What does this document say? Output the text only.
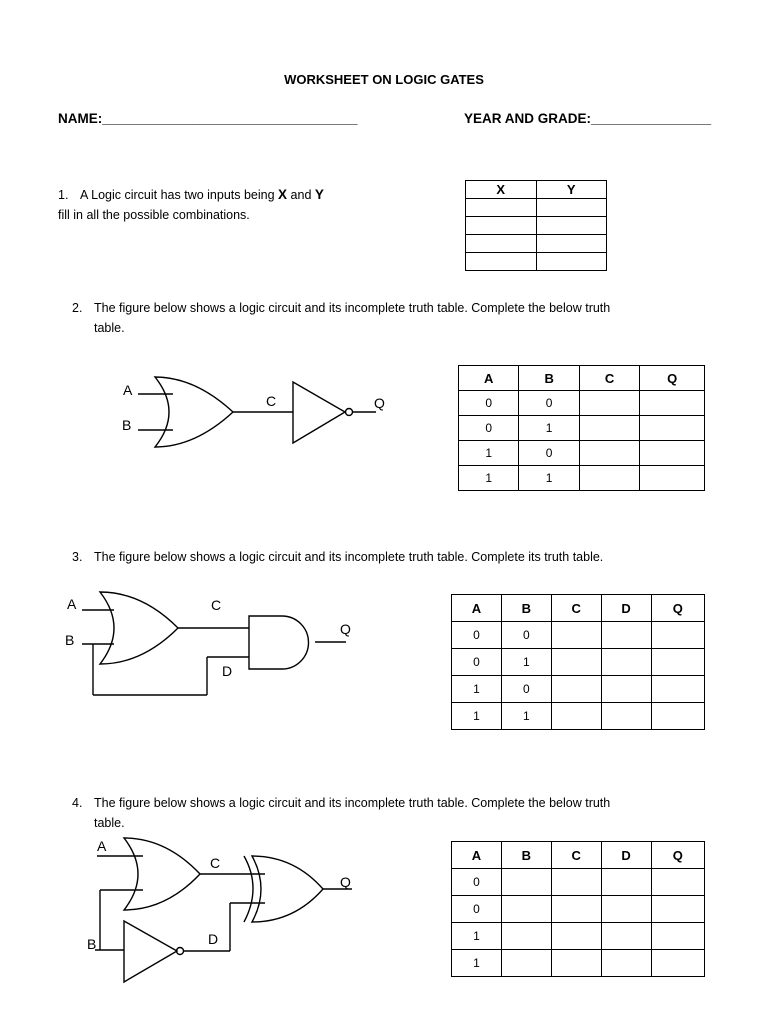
WORKSHEET ON LOGIC GATES
NAME:__________________________________	YEAR AND GRADE:________________
1. A Logic circuit has two inputs being X and Y
fill in all the possible combinations.
X	Y

2. The figure below shows a logic circuit and its incomplete truth table. Complete the below truth
table.
A
B
C	Q
A
B
C
D
Q
A
B
C
D
Q
A	B	C	Q
0	0		
0	1		
1	0		
1	1		
3. The figure below shows a logic circuit and its incomplete truth table. Complete its truth table.
A	B	C	D	Q
0	0			
0	1			
1	0			
1	1			
4. The figure below shows a logic circuit and its incomplete truth table. Complete the below truth
table.
A	B	C	D	Q
0				
0				
1				
1				
